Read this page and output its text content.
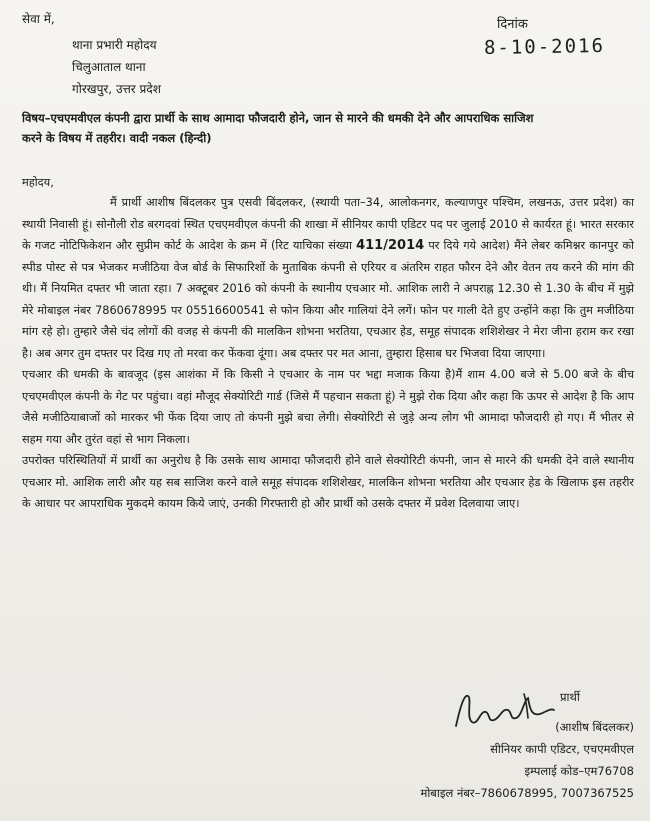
सेवा में,
थाना प्रभारी महोदय
चिलुआताल थाना
गोरखपुर, उत्तर प्रदेश
दिनांक
8-10-2016
विषय–एचएमवीएल कंपनी द्वारा प्रार्थी के साथ आमादा फौजदारी होने, जान से मारने की धमकी देने और आपराधिक साजिश
करने के विषय में तहरीर। वादी नकल (हिन्दी)
महोदय,

मैं प्रार्थी आशीष बिंदलकर पुत्र एसवी बिंदलकर, (स्थायी पता–34, आलोकनगर, कल्याणपुर पश्चिम, लखनऊ, उत्तर प्रदेश) का स्थायी निवासी हूं। सोनौली रोड बरगदवां स्थित एचएमवीएल कंपनी की शाखा में सीनियर कापी एडिटर पद पर जुलाई 2010 से कार्यरत हूं। भारत सरकार के गजट नोटिफिकेशन और सुप्रीम कोर्ट के आदेश के क्रम में (रिट याचिका संख्या 411/2014 पर दिये गये आदेश) मैंने लेबर कमिश्नर कानपुर को स्पीड पोस्ट से पत्र भेजकर मजीठिया वेज बोर्ड के सिफारिशों के मुताबिक कंपनी से एरियर व अंतरिम राहत फौरन देने और वेतन तय करने की मांग की थी। मैं नियमित दफ्तर भी जाता रहा। 7 अक्टूबर 2016 को कंपनी के स्थानीय एचआर मो. आशिक लारी ने अपराह्न 12.30 से 1.30 के बीच में मुझे मेरे मोबाइल नंबर 7860678995 पर 05516600541 से फोन किया और गालियां देने लगें। फोन पर गाली देते हुए उन्होंने कहा कि तुम मजीठिया मांग रहे हो। तुम्हारे जैसे चंद लोगों की वजह से कंपनी की मालकिन शोभना भरतिया, एचआर हेड, समूह संपादक शशिशेखर ने मेरा जीना हराम कर रखा है। अब अगर तुम दफ्तर पर दिख गए तो मरवा कर फेंकवा दूंगा। अब दफ्तर पर मत आना, तुम्हारा हिसाब घर भिजवा दिया जाएगा।

एचआर की धमकी के बावजूद (इस आशंका में कि किसी ने एचआर के नाम पर भद्दा मजाक किया है)मैं शाम 4.00 बजे से 5.00 बजे के बीच एचएमवीएल कंपनी के गेट पर पहुंचा। वहां मौजूद सेक्योरिटी गार्ड (जिसे मैं पहचान सकता हूं) ने मुझे रोक दिया और कहा कि ऊपर से आदेश है कि आप जैसे मजीठियाबाजों को मारकर भी फेंक दिया जाए तो कंपनी मुझे बचा लेगी। सेक्योरिटी से जुड़े अन्य लोग भी आमादा फौजदारी हो गए। मैं भीतर से सहम गया और तुरंत वहां से भाग निकला।

उपरोक्त परिस्थितियों में प्रार्थी का अनुरोध है कि उसके साथ आमादा फौजदारी होने वाले सेक्योरिटी कंपनी, जान से मारने की धमकी देने वाले स्थानीय एचआर मो. आशिक लारी और यह सब साजिश करने वाले समूह संपादक शशिशेखर, मालकिन शोभना भरतिया और एचआर हेड के खिलाफ इस तहरीर के आधार पर आपराधिक मुकदमे कायम किये जाएं, उनकी गिरफ्तारी हो और प्रार्थी को उसके दफ्तर में प्रवेश दिलवाया जाए।

प्रार्थी
(आशीष बिंदलकर)
सीनियर कापी एडिटर, एचएमवीएल
इम्पलाई कोड–एम76708
मोबाइल नंबर–7860678995, 7007367525
